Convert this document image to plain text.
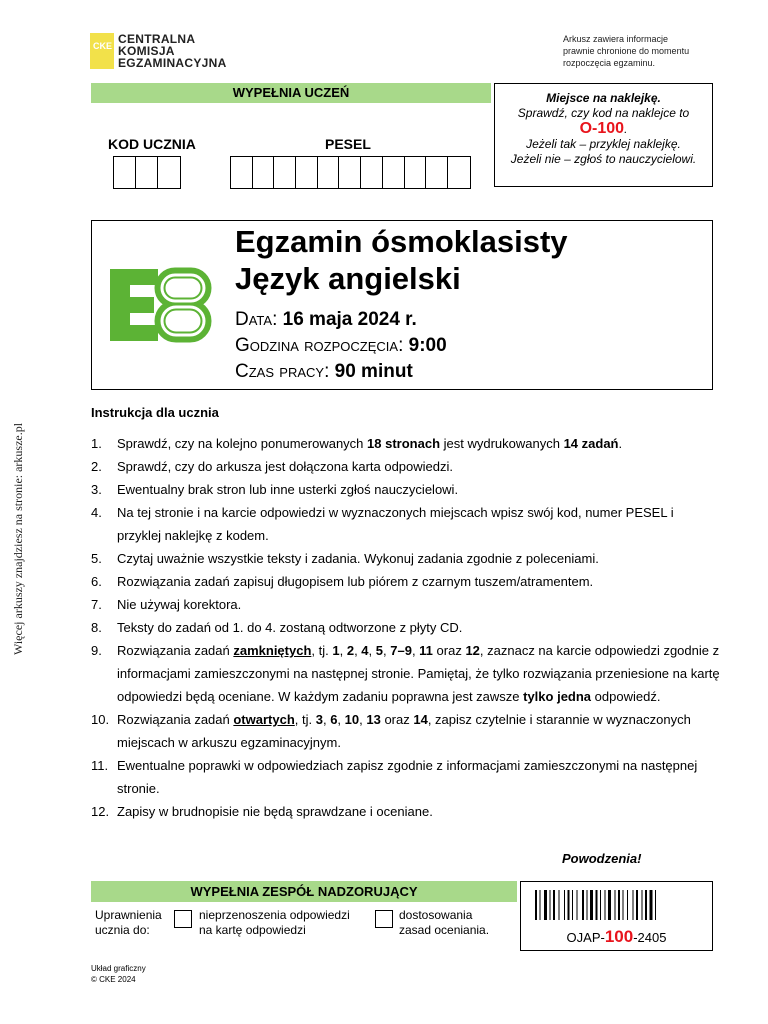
CKE CENTRALNA
KOMISJA
EGZAMINACYJNA
Arkusz zawiera informacje
prawnie chronione do momentu
rozpoczęcia egzaminu.
WYPEŁNIA UCZEŃ
KOD UCZNIA	PESEL
Miejsce na naklejkę.
Sprawdź, czy kod na naklejce to
O-100.
Jeżeli tak – przyklej naklejkę.
Jeżeli nie – zgłoś to nauczycielowi.
Egzamin ósmoklasisty
Język angielski
Data: 16 maja 2024 r.
Godzina rozpoczęcia: 9:00
Czas pracy: 90 minut
Instrukcja dla ucznia
1.	Sprawdź, czy na kolejno ponumerowanych 18 stronach jest wydrukowanych 14 zadań.
2.	Sprawdź, czy do arkusza jest dołączona karta odpowiedzi.
3.	Ewentualny brak stron lub inne usterki zgłoś nauczycielowi.
4.	Na tej stronie i na karcie odpowiedzi w wyznaczonych miejscach wpisz swój kod, numer PESEL i przyklej naklejkę z kodem.
5.	Czytaj uważnie wszystkie teksty i zadania. Wykonuj zadania zgodnie z poleceniami.
6.	Rozwiązania zadań zapisuj długopisem lub piórem z czarnym tuszem/atramentem.
7.	Nie używaj korektora.
8.	Teksty do zadań od 1. do 4. zostaną odtworzone z płyty CD.
9.	Rozwiązania zadań zamkniętych, tj. 1, 2, 4, 5, 7–9, 11 oraz 12, zaznacz na karcie odpowiedzi zgodnie z informacjami zamieszczonymi na następnej stronie. Pamiętaj, że tylko rozwiązania przeniesione na kartę odpowiedzi będą oceniane. W każdym zadaniu poprawna jest zawsze tylko jedna odpowiedź.
10. Rozwiązania zadań otwartych, tj. 3, 6, 10, 13 oraz 14, zapisz czytelnie i starannie w wyznaczonych miejscach w arkuszu egzaminacyjnym.
11. Ewentualne poprawki w odpowiedziach zapisz zgodnie z informacjami zamieszczonymi na następnej stronie.
12. Zapisy w brudnopisie nie będą sprawdzane i oceniane.
Powodzenia!
WYPEŁNIA ZESPÓŁ NADZORUJĄCY
Uprawnienia
ucznia do:
nieprzenoszenia odpowiedzi
na kartę odpowiedzi
dostosowania
zasad oceniania.	OJAP-100-2405
Układ graficzny
© CKE 2024
Więcej arkuszy znajdziesz na stronie: arkusze.pl
